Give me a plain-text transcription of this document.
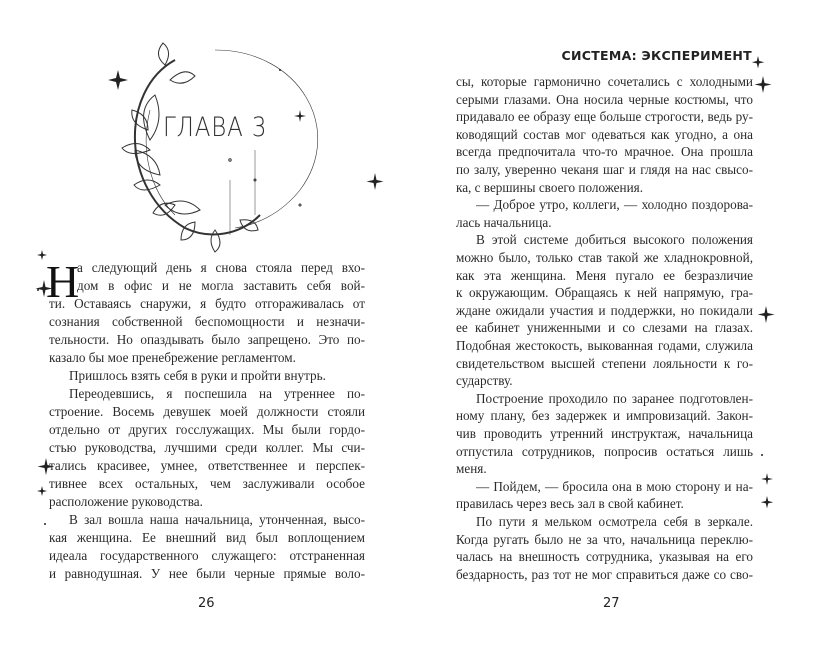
ГЛАВА 3
Н
а следующий день я снова стояла перед вхо-
дом в офис и не могла заставить себя вой-
ти. Оставаясь снаружи, я будто отгораживалась от
сознания собственной беспомощности и незначи-
тельности. Но опаздывать было запрещено. Это по-
казало бы мое пренебрежение регламентом.
Пришлось взять себя в руки и пройти внутрь.
Переодевшись, я поспешила на утреннее по-
строение. Восемь девушек моей должности стояли
отдельно от других госслужащих. Мы были гордо-
стью руководства, лучшими среди коллег. Мы счи-
тались красивее, умнее, ответственнее и перспек-
тивнее всех остальных, чем заслуживали особое
расположение руководства.
В зал вошла наша начальница, утонченная, высо-
кая женщина. Ее внешний вид был воплощением
идеала государственного служащего: отстраненная
и равнодушная. У нее были черные прямые воло-
26
СИСТЕМА: ЭКСПЕРИМЕНТ
сы, которые гармонично сочетались с холодными
серыми глазами. Она носила черные костюмы, что
придавало ее образу еще больше строгости, ведь ру-
ководящий состав мог одеваться как угодно, а она
всегда предпочитала что-то мрачное. Она прошла
по залу, уверенно чеканя шаг и глядя на нас свысо-
ка, с вершины своего положения.
— Доброе утро, коллеги, — холодно поздорова-
лась начальница.
В этой системе добиться высокого положения
можно было, только став такой же хладнокровной,
как эта женщина. Меня пугало ее безразличие
к окружающим. Обращаясь к ней напрямую, гра-
ждане ожидали участия и поддержки, но покидали
ее кабинет униженными и со слезами на глазах.
Подобная жестокость, выкованная годами, служила
свидетельством высшей степени лояльности к го-
сударству.
Построение проходило по заранее подготовлен-
ному плану, без задержек и импровизаций. Закон-
чив проводить утренний инструктаж, начальница
отпустила сотрудников, попросив остаться лишь
меня.
— Пойдем, — бросила она в мою сторону и на-
правилась через весь зал в свой кабинет.
По пути я мельком осмотрела себя в зеркале.
Когда ругать было не за что, начальница переклю-
чалась на внешность сотрудника, указывая на его
бездарность, раз тот не мог справиться даже со сво-
27
